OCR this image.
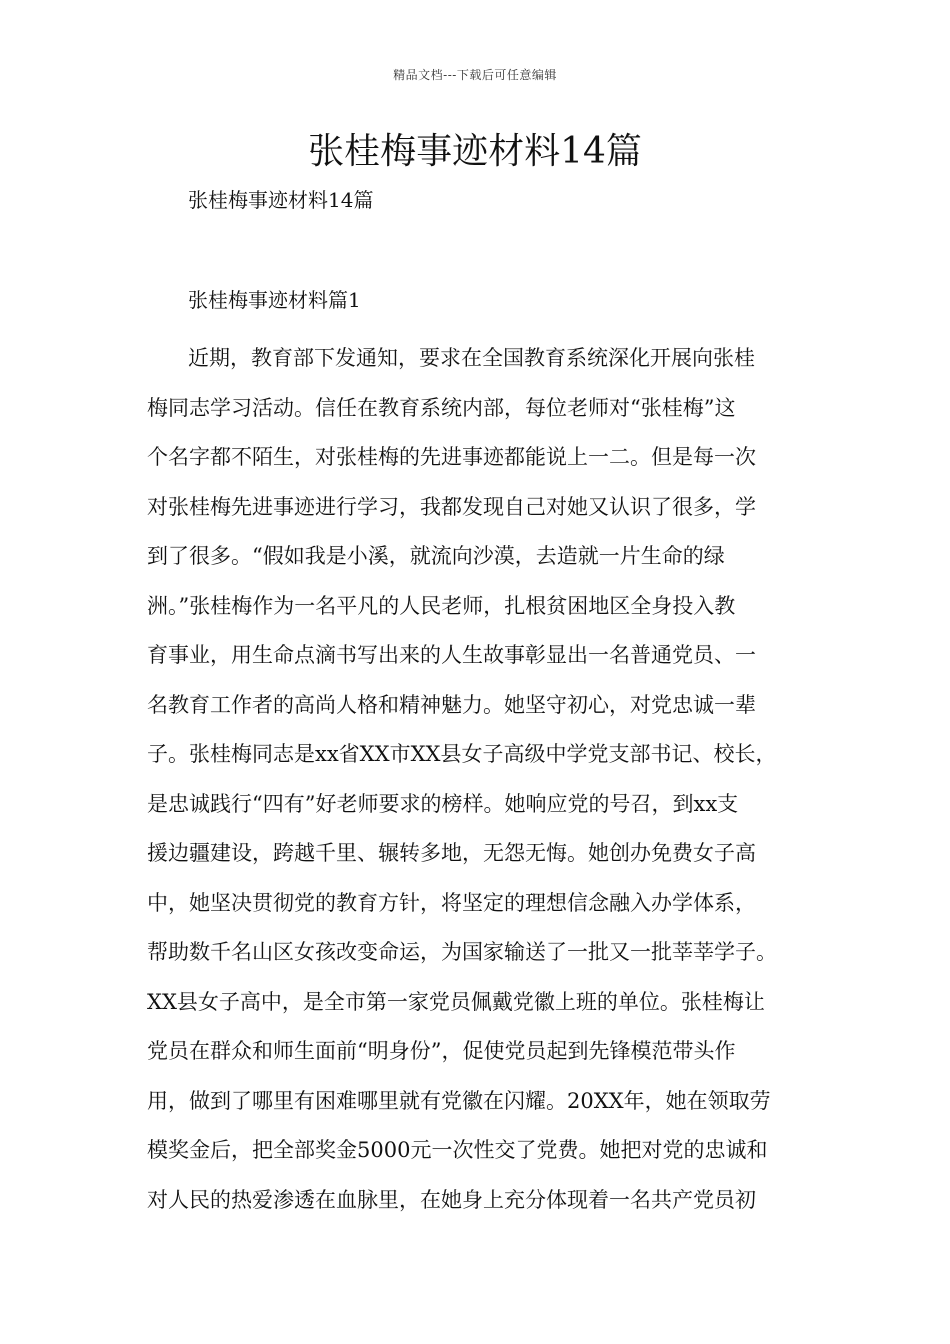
精品文档---下载后可任意编辑
张桂梅事迹材料14篇
张桂梅事迹材料14篇
张桂梅事迹材料篇1
近期，教育部下发通知，要求在全国教育系统深化开展向张桂
梅同志学习活动。信任在教育系统内部，每位老师对“张桂梅”这
个名字都不陌生，对张桂梅的先进事迹都能说上一二。但是每一次
对张桂梅先进事迹进行学习，我都发现自己对她又认识了很多，学
到了很多。“假如我是小溪，就流向沙漠，去造就一片生命的绿
洲。”张桂梅作为一名平凡的人民老师，扎根贫困地区全身投入教
育事业，用生命点滴书写出来的人生故事彰显出一名普通党员、一
名教育工作者的高尚人格和精神魅力。她坚守初心，对党忠诚一辈
子。张桂梅同志是xx省XX市XX县女子高级中学党支部书记、校长，
是忠诚践行“四有”好老师要求的榜样。她响应党的号召，到xx支
援边疆建设，跨越千里、辗转多地，无怨无悔。她创办免费女子高
中，她坚决贯彻党的教育方针，将坚定的理想信念融入办学体系，
帮助数千名山区女孩改变命运，为国家输送了一批又一批莘莘学子。
XX县女子高中，是全市第一家党员佩戴党徽上班的单位。张桂梅让
党员在群众和师生面前“明身份”，促使党员起到先锋模范带头作
用，做到了哪里有困难哪里就有党徽在闪耀。20XX年，她在领取劳
模奖金后，把全部奖金5000元一次性交了党费。她把对党的忠诚和
对人民的热爱渗透在血脉里，在她身上充分体现着一名共产党员初
